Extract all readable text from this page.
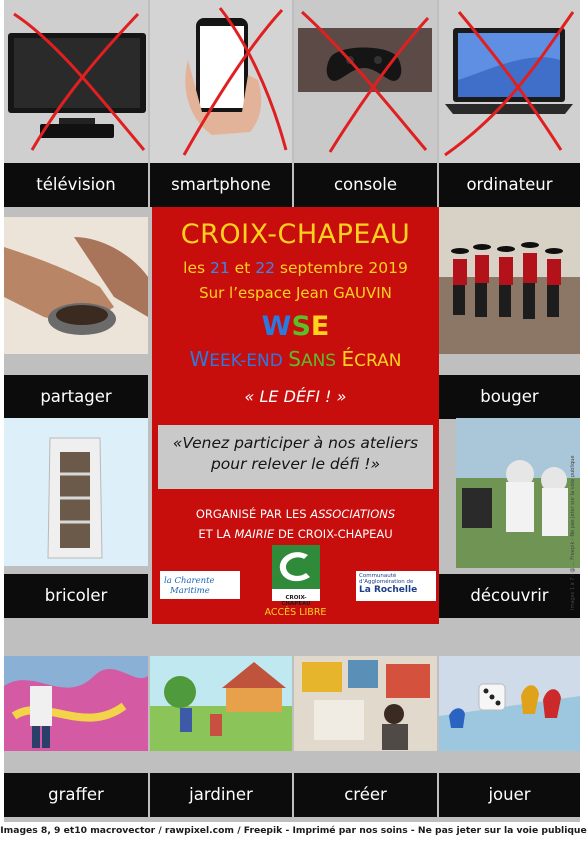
télévision	smartphone	console	ordinateur
partager	bouger
bricoler	découvrir
graffer	jardiner	créer	jouer
CROIX-CHAPEAU
les 21 et 22 septembre 2019
Sur l’espace Jean GAUVIN
WSE
WEEK-END SANS ÉCRAN
« LE DÉFI ! »
«Venez participer à nos ateliers
pour relever le défi !»
ORGANISÉ PAR LES ASSOCIATIONS
ET LA MAIRIE DE CROIX-CHAPEAU
la Charente
Maritime
CROIX-CHAPEAU
Communauté
d’Agglomération de
La Rochelle
ACCÈS LIBRE
Images 1 à 7 : @ ... Freepik - Ne pas jeter sur la voie publique
Images 8, 9 et10 macrovector / rawpixel.com / Freepik - Imprimé par nos soins - Ne pas jeter sur la voie publique
